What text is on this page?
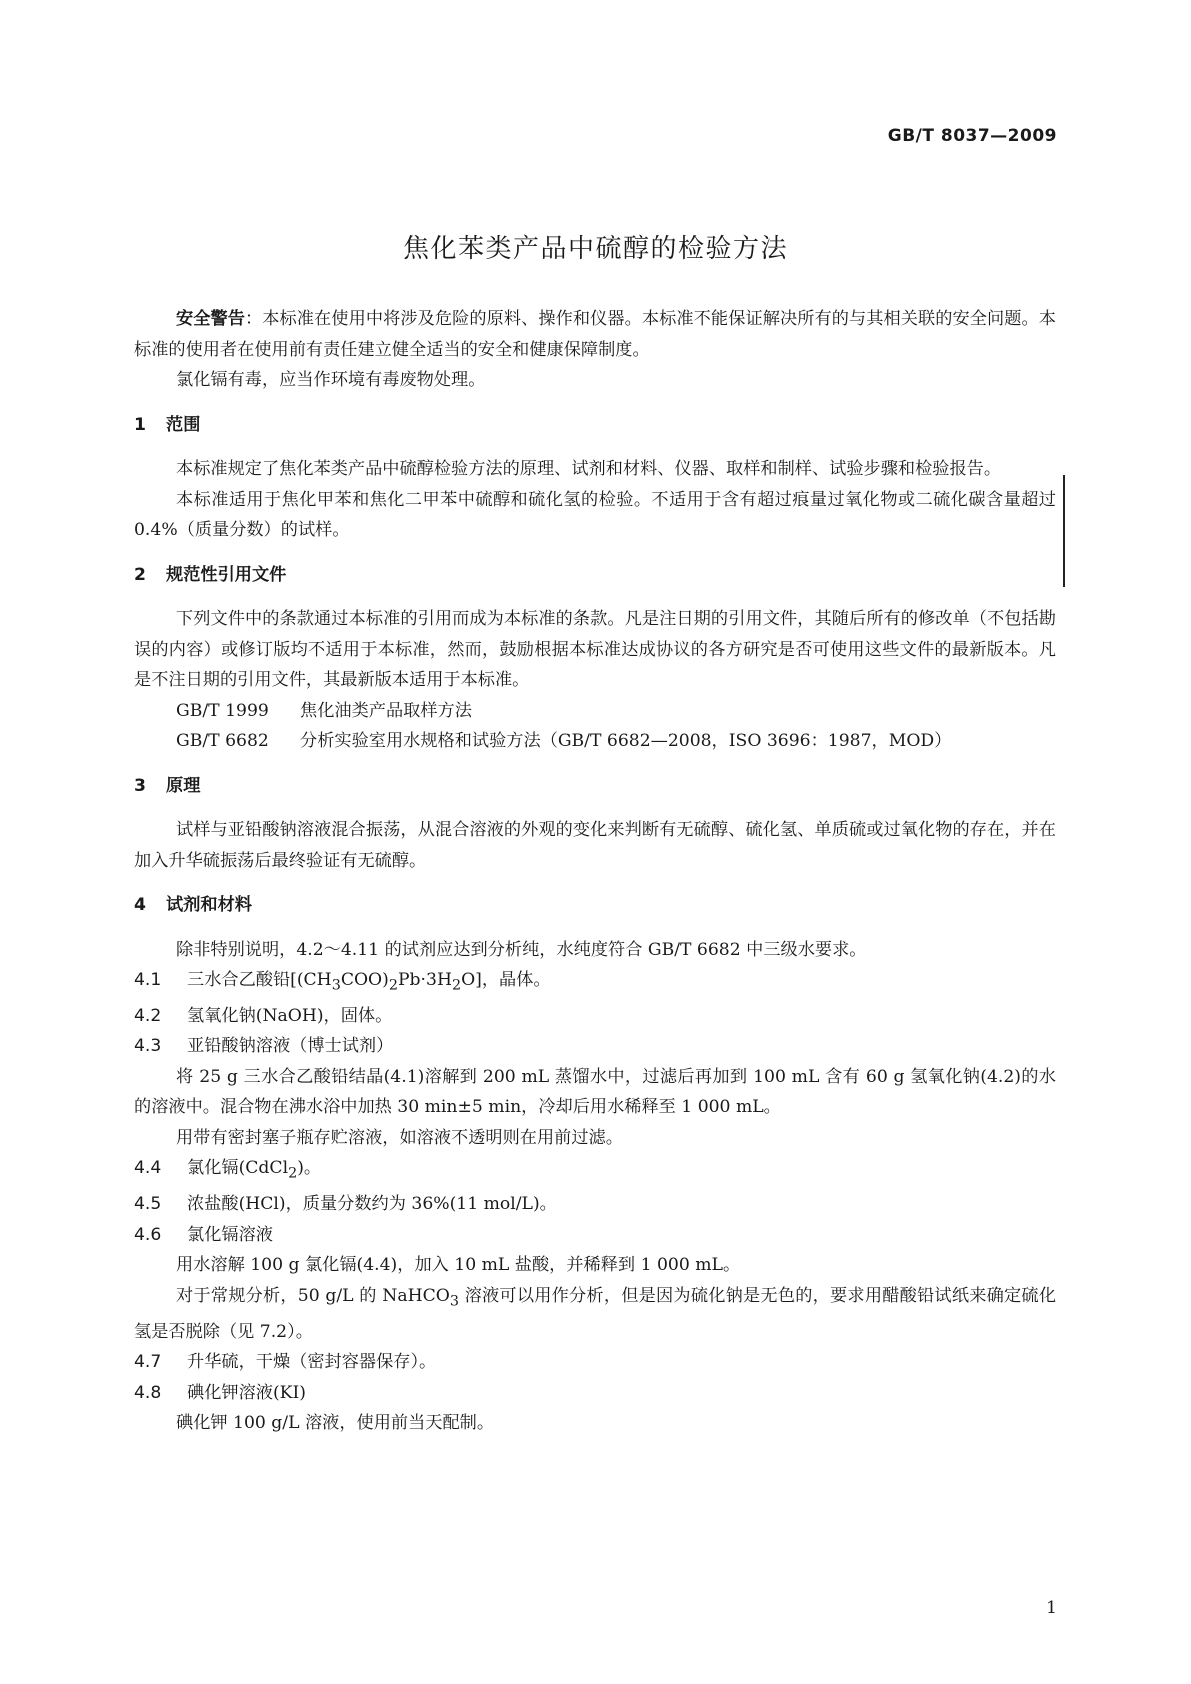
GB/T 8037—2009
焦化苯类产品中硫醇的检验方法

安全警告：本标准在使用中将涉及危险的原料、操作和仪器。本标准不能保证解决所有的与其相关联的安全问题。本标准的使用者在使用前有责任建立健全适当的安全和健康保障制度。

氯化镉有毒，应当作环境有毒废物处理。

1 范围

本标准规定了焦化苯类产品中硫醇检验方法的原理、试剂和材料、仪器、取样和制样、试验步骤和检验报告。

本标准适用于焦化甲苯和焦化二甲苯中硫醇和硫化氢的检验。不适用于含有超过痕量过氧化物或二硫化碳含量超过 0.4%（质量分数）的试样。

2 规范性引用文件

下列文件中的条款通过本标准的引用而成为本标准的条款。凡是注日期的引用文件，其随后所有的修改单（不包括勘误的内容）或修订版均不适用于本标准，然而，鼓励根据本标准达成协议的各方研究是否可使用这些文件的最新版本。凡是不注日期的引用文件，其最新版本适用于本标准。

GB/T 1999 焦化油类产品取样方法

GB/T 6682 分析实验室用水规格和试验方法（GB/T 6682—2008，ISO 3696：1987，MOD）

3 原理

试样与亚铅酸钠溶液混合振荡，从混合溶液的外观的变化来判断有无硫醇、硫化氢、单质硫或过氧化物的存在，并在加入升华硫振荡后最终验证有无硫醇。

4 试剂和材料

除非特别说明，4.2～4.11 的试剂应达到分析纯，水纯度符合 GB/T 6682 中三级水要求。

4.1 三水合乙酸铅$[(CH_3COO)_2Pb\cdot 3H_2O]$，晶体。

4.2 氢氧化钠(NaOH)，固体。

4.3 亚铅酸钠溶液（博士试剂）

将 25 g 三水合乙酸铅结晶(4.1)溶解到 200 mL 蒸馏水中，过滤后再加到 100 mL 含有 60 g 氢氧化钠(4.2)的水的溶液中。混合物在沸水浴中加热 30 min±5 min，冷却后用水稀释至 1 000 mL。

用带有密封塞子瓶存贮溶液，如溶液不透明则在用前过滤。

4.4 氯化镉(CdCl$_2$)。

4.5 浓盐酸(HCl)，质量分数约为 36%(11 mol/L)。

4.6 氯化镉溶液

用水溶解 100 g 氯化镉(4.4)，加入 10 mL 盐酸，并稀释到 1 000 mL。

对于常规分析，50 g/L 的 NaHCO$_3$ 溶液可以用作分析，但是因为硫化钠是无色的，要求用醋酸铅试纸来确定硫化氢是否脱除（见 7.2）。

4.7 升华硫，干燥（密封容器保存）。

4.8 碘化钾溶液(KI)

碘化钾 100 g/L 溶液，使用前当天配制。

1
